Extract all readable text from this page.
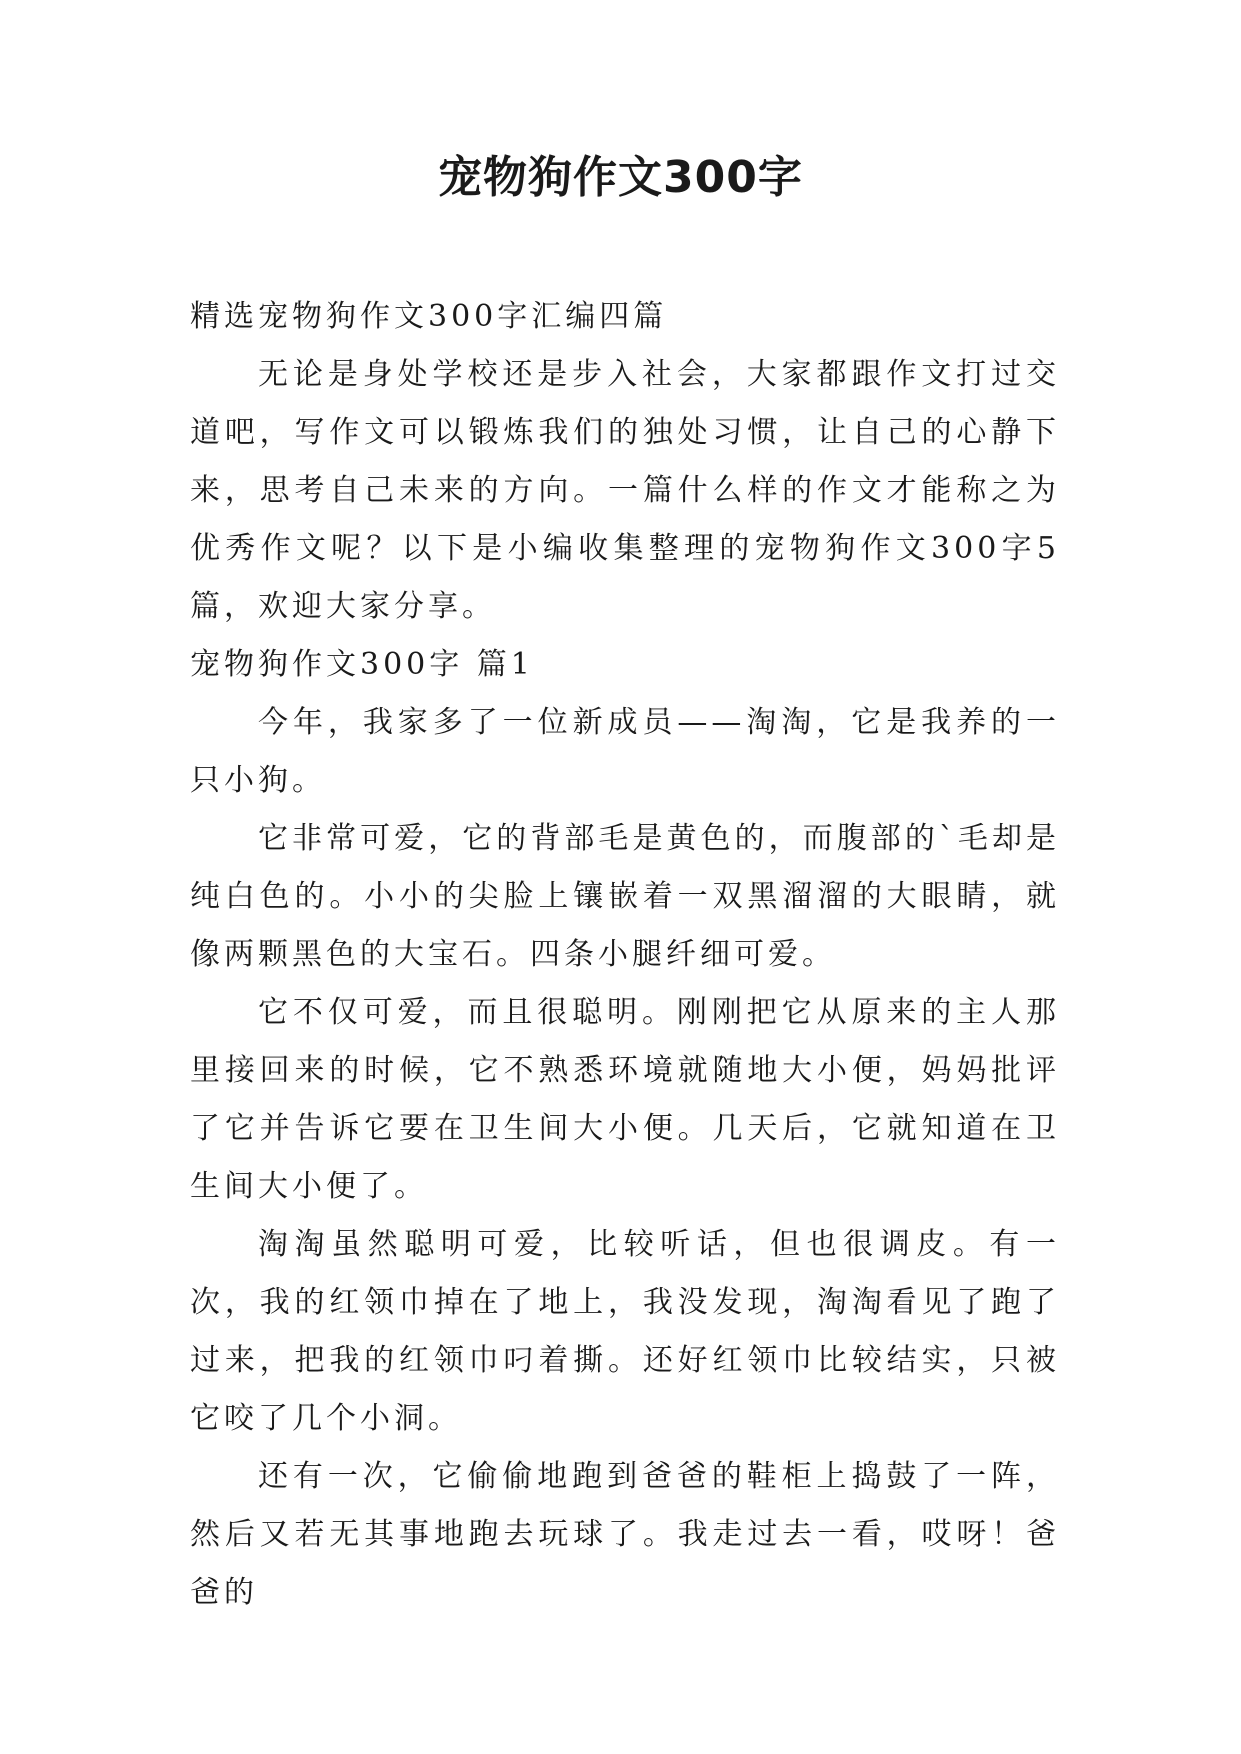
宠物狗作文300字

精选宠物狗作文300字汇编四篇

无论是身处学校还是步入社会，大家都跟作文打过交道吧，写作文可以锻炼我们的独处习惯，让自己的心静下来，思考自己未来的方向。一篇什么样的作文才能称之为优秀作文呢？以下是小编收集整理的宠物狗作文300字5篇，欢迎大家分享。

宠物狗作文300字 篇1

今年，我家多了一位新成员——淘淘，它是我养的一只小狗。

它非常可爱，它的背部毛是黄色的，而腹部的`毛却是纯白色的。小小的尖脸上镶嵌着一双黑溜溜的大眼睛，就像两颗黑色的大宝石。四条小腿纤细可爱。

它不仅可爱，而且很聪明。刚刚把它从原来的主人那里接回来的时候，它不熟悉环境就随地大小便，妈妈批评了它并告诉它要在卫生间大小便。几天后，它就知道在卫生间大小便了。

淘淘虽然聪明可爱，比较听话，但也很调皮。有一次，我的红领巾掉在了地上，我没发现，淘淘看见了跑了过来，把我的红领巾叼着撕。还好红领巾比较结实，只被它咬了几个小洞。

还有一次，它偷偷地跑到爸爸的鞋柜上捣鼓了一阵，然后又若无其事地跑去玩球了。我走过去一看，哎呀！爸爸的
